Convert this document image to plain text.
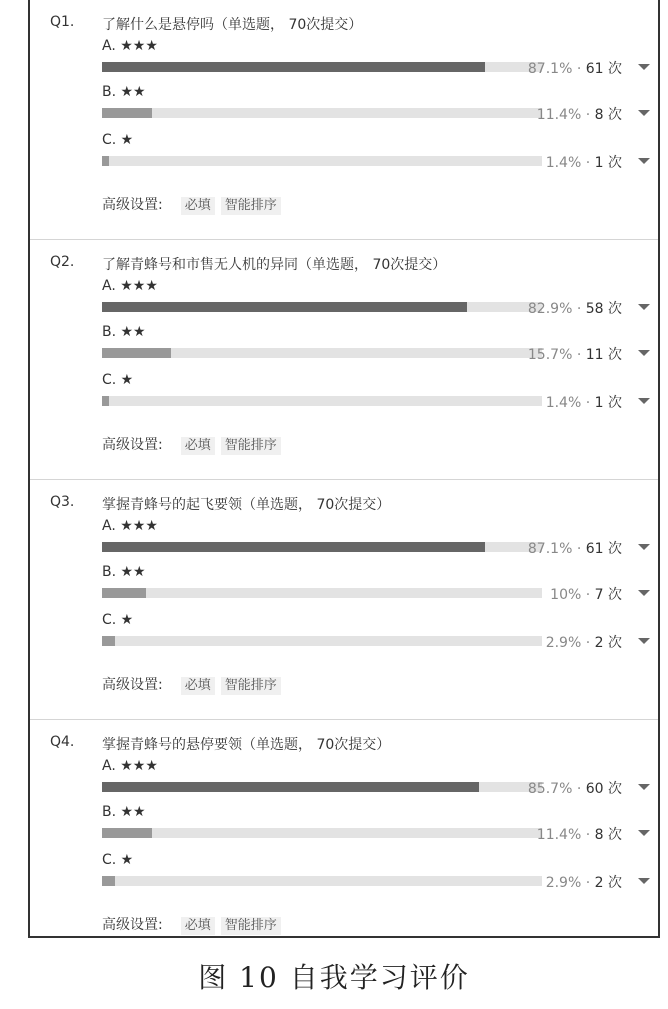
Q1. 了解什么是悬停吗（单选题， 70次提交）
A. ★★★
87.1% · 61 次
B. ★★
11.4% · 8 次
C. ★
1.4% · 1 次
高级设置: 必填 智能排序
Q2. 了解青蜂号和市售无人机的异同（单选题， 70次提交）
A. ★★★
82.9% · 58 次
B. ★★
15.7% · 11 次
C. ★
1.4% · 1 次
高级设置: 必填 智能排序
Q3. 掌握青蜂号的起飞要领（单选题， 70次提交）
A. ★★★
87.1% · 61 次
B. ★★
10% · 7 次
C. ★
2.9% · 2 次
高级设置: 必填 智能排序
Q4. 掌握青蜂号的悬停要领（单选题， 70次提交）
A. ★★★
85.7% · 60 次
B. ★★
11.4% · 8 次
C. ★
2.9% · 2 次
高级设置: 必填 智能排序
图 10 自我学习评价
